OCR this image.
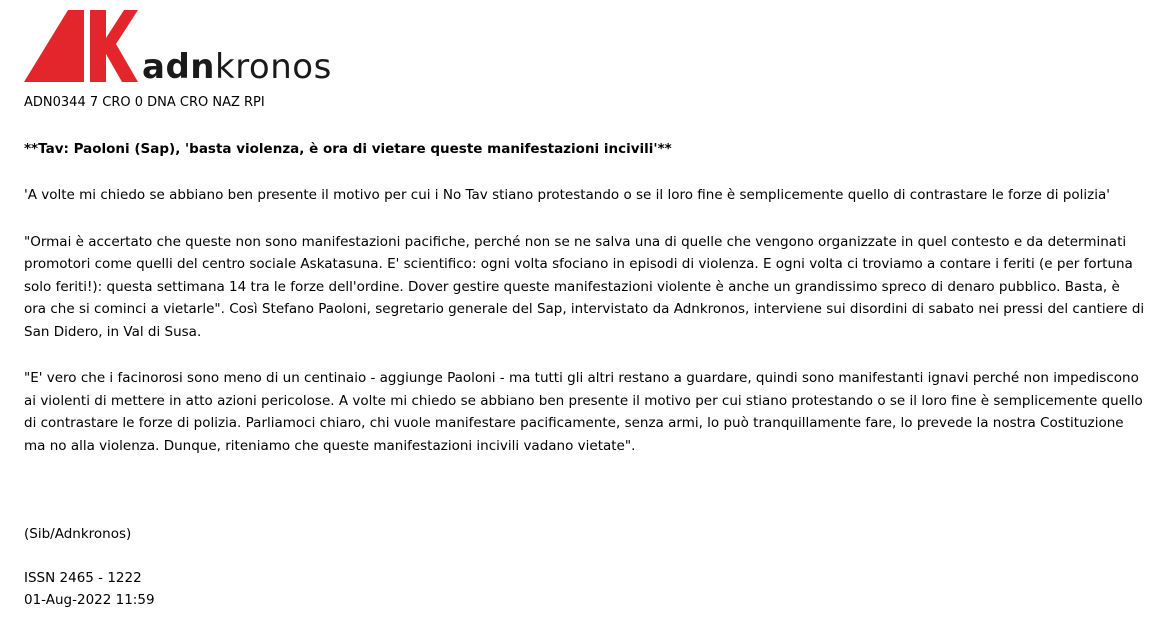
adnkronos
ADN0344 7 CRO 0 DNA CRO NAZ RPI
**Tav: Paoloni (Sap), 'basta violenza, è ora di vietare queste manifestazioni incivili'**
'A volte mi chiedo se abbiano ben presente il motivo per cui i No Tav stiano protestando o se il loro fine è semplicemente quello di contrastare le forze di polizia'
"Ormai è accertato che queste non sono manifestazioni pacifiche, perché non se ne salva una di quelle che vengono organizzate in quel contesto e da determinati promotori come quelli del centro sociale Askatasuna. E' scientifico: ogni volta sfociano in episodi di violenza. E ogni volta ci troviamo a contare i feriti (e per fortuna solo feriti!): questa settimana 14 tra le forze dell'ordine. Dover gestire queste manifestazioni violente è anche un grandissimo spreco di denaro pubblico. Basta, è ora che si cominci a vietarle". Così Stefano Paoloni, segretario generale del Sap, intervistato da Adnkronos, interviene sui disordini di sabato nei pressi del cantiere di San Didero, in Val di Susa.
"E' vero che i facinorosi sono meno di un centinaio - aggiunge Paoloni - ma tutti gli altri restano a guardare, quindi sono manifestanti ignavi perché non impediscono ai violenti di mettere in atto azioni pericolose. A volte mi chiedo se abbiano ben presente il motivo per cui stiano protestando o se il loro fine è semplicemente quello di contrastare le forze di polizia. Parliamoci chiaro, chi vuole manifestare pacificamente, senza armi, lo può tranquillamente fare, lo prevede la nostra Costituzione ma no alla violenza. Dunque, riteniamo che queste manifestazioni incivili vadano vietate".
(Sib/Adnkronos)
ISSN 2465 - 1222
01-Aug-2022 11:59
